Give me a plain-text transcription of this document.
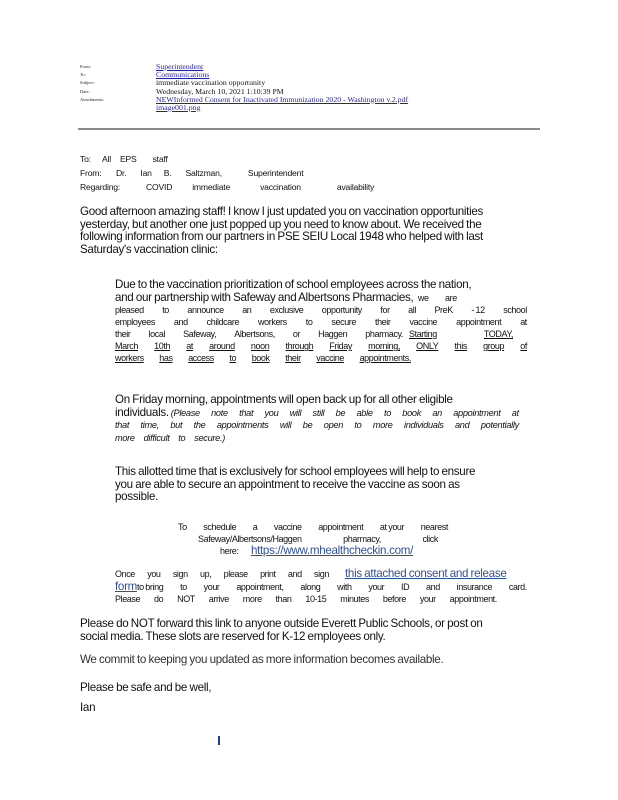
From:	Superintendent
To:	Communications
Subject:	immediate vaccination opportunity
Date:	Wednesday, March 10, 2021 1:10:39 PM
Attachments:	NEWInformed Consent for Inactivated Immunization 2020 - Washington v.2.pdf
image001.png
To:	All EPS staff
From:	Dr. Ian B. Saltzman,	Superintendent
Regarding:	COVID immediate	vaccination	availability
Good afternoon amazing staff! I know I just updated you on vaccination opportunities
yesterday, but another one just popped up you need to know about. We received the
following information from our partners in PSE SEIU Local 1948 who helped with last
Saturday's vaccination clinic:
Due to the vaccination prioritization of school employees across the nation,
and our partnership with Safeway and Albertsons Pharmacies, we are
pleased to announce an exclusive opportunity for all PreK - 12 school
employees and childcare workers to secure their vaccine appointment at
their local Safeway, Albertsons, or Haggen pharmacy. Starting	TODAY,
March 10th at around noon through Friday morning, ONLY this group of
workers has access to book their vaccine appointments.
On Friday morning, appointments will open back up for all other eligible
individuals. (Please note that you will still be able to book an appointment at
that time, but the appointments will be open to more individuals and potentially
more difficult to secure.)
This allotted time that is exclusively for school employees will help to ensure
you are able to secure an appointment to receive the vaccine as soon as
possible.
To schedule a vaccine appointment at your nearest
Safeway/Albertsons/Haggen	pharmacy,	click
here: https://www.mhealthcheckin.com/
Once you sign up, please print and sign this attached consent and release
form to bring to your appointment, along with your ID and insurance card.
Please do NOT arrive more than 10-15 minutes before your appointment.
Please do NOT forward this link to anyone outside Everett Public Schools, or post on
social media. These slots are reserved for K-12 employees only.
We commit to keeping you updated as more information becomes available.
Please be safe and be well,
Ian
